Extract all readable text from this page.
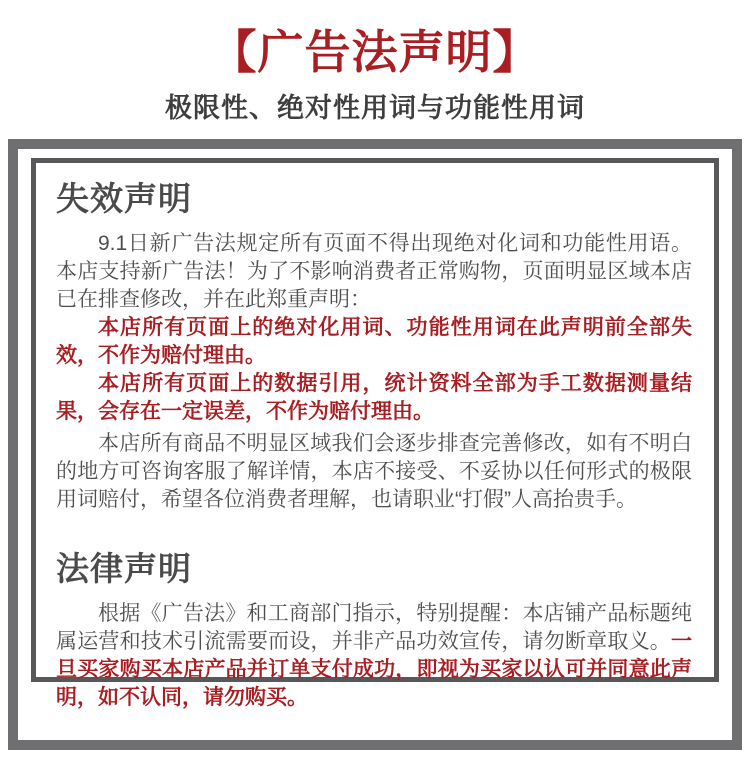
【广告法声明】
极限性、绝对性用词与功能性用词
失效声明

9.1日新广告法规定所有页面不得出现绝对化词和功能性用语。本店支持新广告法！为了不影响消费者正常购物，页面明显区域本店已在排查修改，并在此郑重声明：

本店所有页面上的绝对化用词、功能性用词在此声明前全部失效，不作为赔付理由。

本店所有页面上的数据引用，统计资料全部为手工数据测量结果，会存在一定误差，不作为赔付理由。

本店所有商品不明显区域我们会逐步排查完善修改，如有不明白的地方可咨询客服了解详情，本店不接受、不妥协以任何形式的极限用词赔付，希望各位消费者理解，也请职业“打假”人高抬贵手。

法律声明

根据《广告法》和工商部门指示，特别提醒：本店铺产品标题纯属运营和技术引流需要而设，并非产品功效宣传，请勿断章取义。一旦买家购买本店产品并订单支付成功，即视为买家以认可并同意此声明，如不认同，请勿购买。
